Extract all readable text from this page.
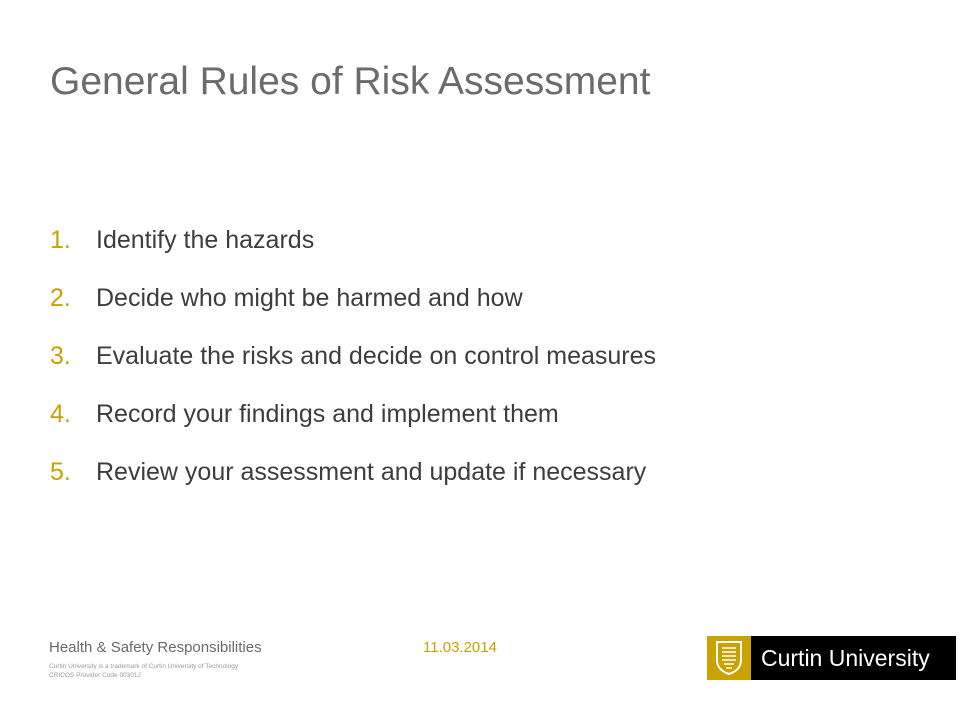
General Rules of Risk Assessment
1.	Identify the hazards
2.	Decide who might be harmed and how
3.	Evaluate the risks and decide on control measures
4.	Record your findings and implement them
5.	Review your assessment and update if necessary
Health & Safety Responsibilities	11.03.2014
Curtin University is a trademark of Curtin University of Technology
CRICOS Provider Code 00301J
Curtin University
